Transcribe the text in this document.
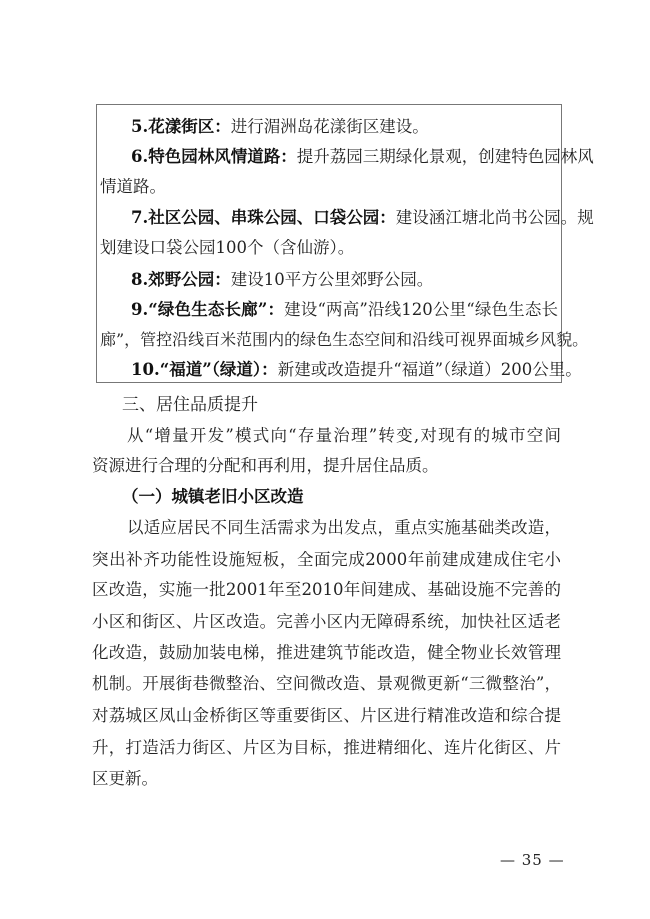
5.花漾街区：进行湄洲岛花漾街区建设。
6.特色园林风情道路：提升荔园三期绿化景观，创建特色园林风
情道路。
7.社区公园、串珠公园、口袋公园：建设涵江塘北尚书公园。规
划建设口袋公园100个（含仙游）。
8.郊野公园：建设10平方公里郊野公园。
9.“绿色生态长廊”：建设“两高”沿线120公里“绿色生态长
廊”，管控沿线百米范围内的绿色生态空间和沿线可视界面城乡风貌。
10.“福道”（绿道）：新建或改造提升“福道”（绿道）200公里。
三、居住品质提升
从“增量开发”模式向“存量治理”转变,对现有的城市空间
资源进行合理的分配和再利用，提升居住品质。
（一）城镇老旧小区改造
以适应居民不同生活需求为出发点，重点实施基础类改造，
突出补齐功能性设施短板，全面完成2000年前建成建成住宅小
区改造，实施一批2001年至2010年间建成、基础设施不完善的
小区和街区、片区改造。完善小区内无障碍系统，加快社区适老
化改造，鼓励加装电梯，推进建筑节能改造，健全物业长效管理
机制。开展街巷微整治、空间微改造、景观微更新“三微整治”，
对荔城区凤山金桥街区等重要街区、片区进行精准改造和综合提
升，打造活力街区、片区为目标，推进精细化、连片化街区、片
区更新。
— 35 —
